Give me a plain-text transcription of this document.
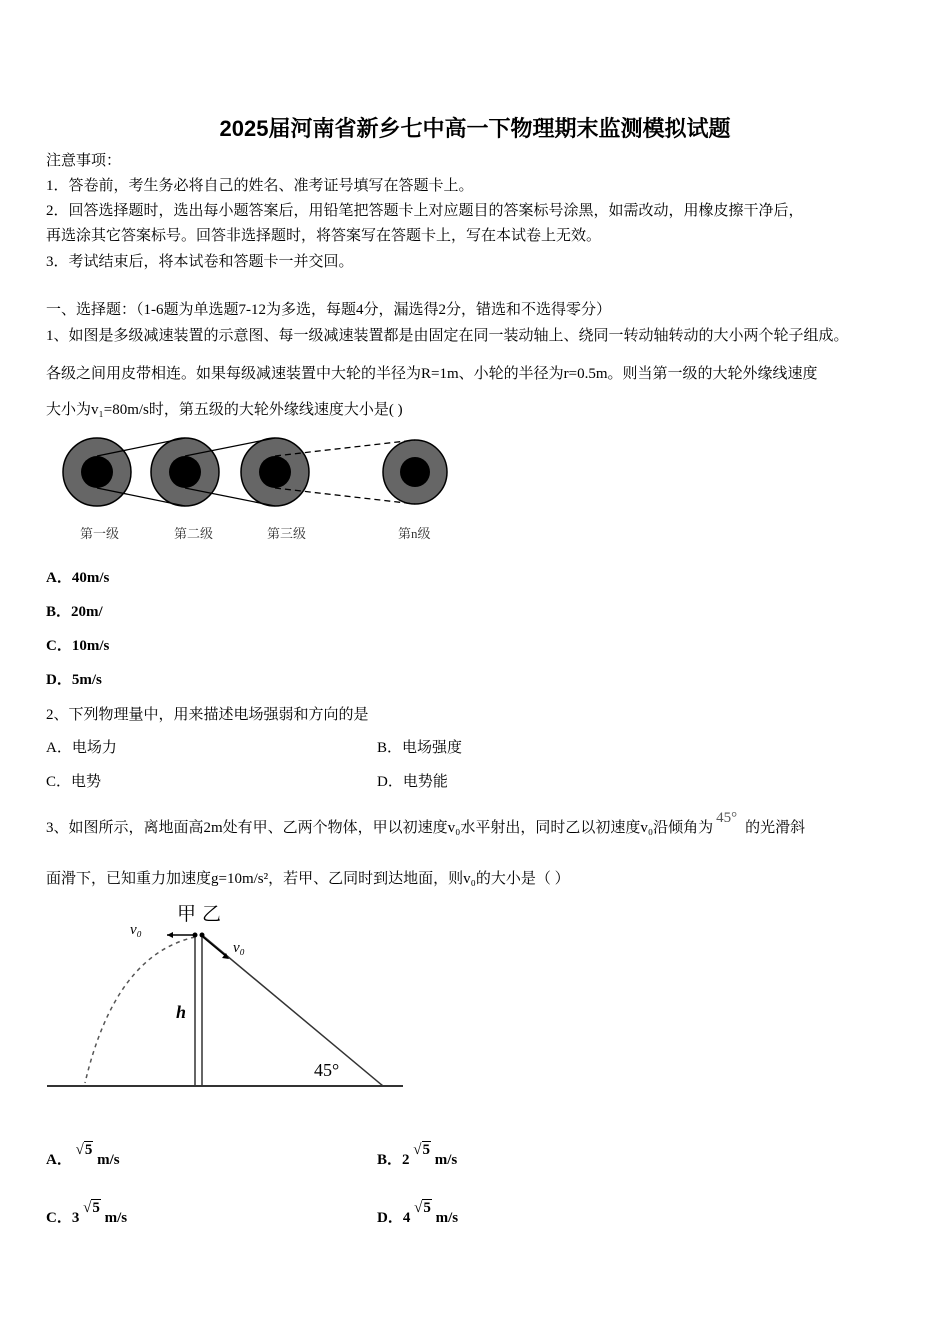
2025届河南省新乡七中高一下物理期末监测模拟试题
注意事项：
1．答卷前，考生务必将自己的姓名、准考证号填写在答题卡上。
2．回答选择题时，选出每小题答案后，用铅笔把答题卡上对应题目的答案标号涂黑，如需改动，用橡皮擦干净后，
再选涂其它答案标号。回答非选择题时，将答案写在答题卡上，写在本试卷上无效。
3．考试结束后，将本试卷和答题卡一并交回。
一、选择题：（1-6题为单选题7-12为多选，每题4分，漏选得2分，错选和不选得零分）
1、如图是多级减速装置的示意图、每一级减速装置都是由固定在同一装动轴上、绕同一转动轴转动的大小两个轮子组成。
各级之间用皮带相连。如果每级减速装置中大轮的半径为R=1m、小轮的半径为r=0.5m。则当第一级的大轮外缘线速度
大小为v₁=80m/s时，第五级的大轮外缘线速度大小是( )
第一级	第二级	第三级	第n级
A．40m/s
B．20m/
C．10m/s
D．5m/s
2、下列物理量中，用来描述电场强弱和方向的是
A．电场力	B．电场强度
C．电势	D．电势能
3、如图所示，离地面高2m处有甲、乙两个物体，甲以初速度v₀水平射出，同时乙以初速度v₀沿倾角为45°的光滑斜
面滑下，已知重力加速度g=10m/s²，若甲、乙同时到达地面，则v₀的大小是（ ）
甲 乙
v₀
v₀
h
45°
A． √5 m/s	B．2 √5 m/s
C．3 √5 m/s	D．4 √5 m/s
